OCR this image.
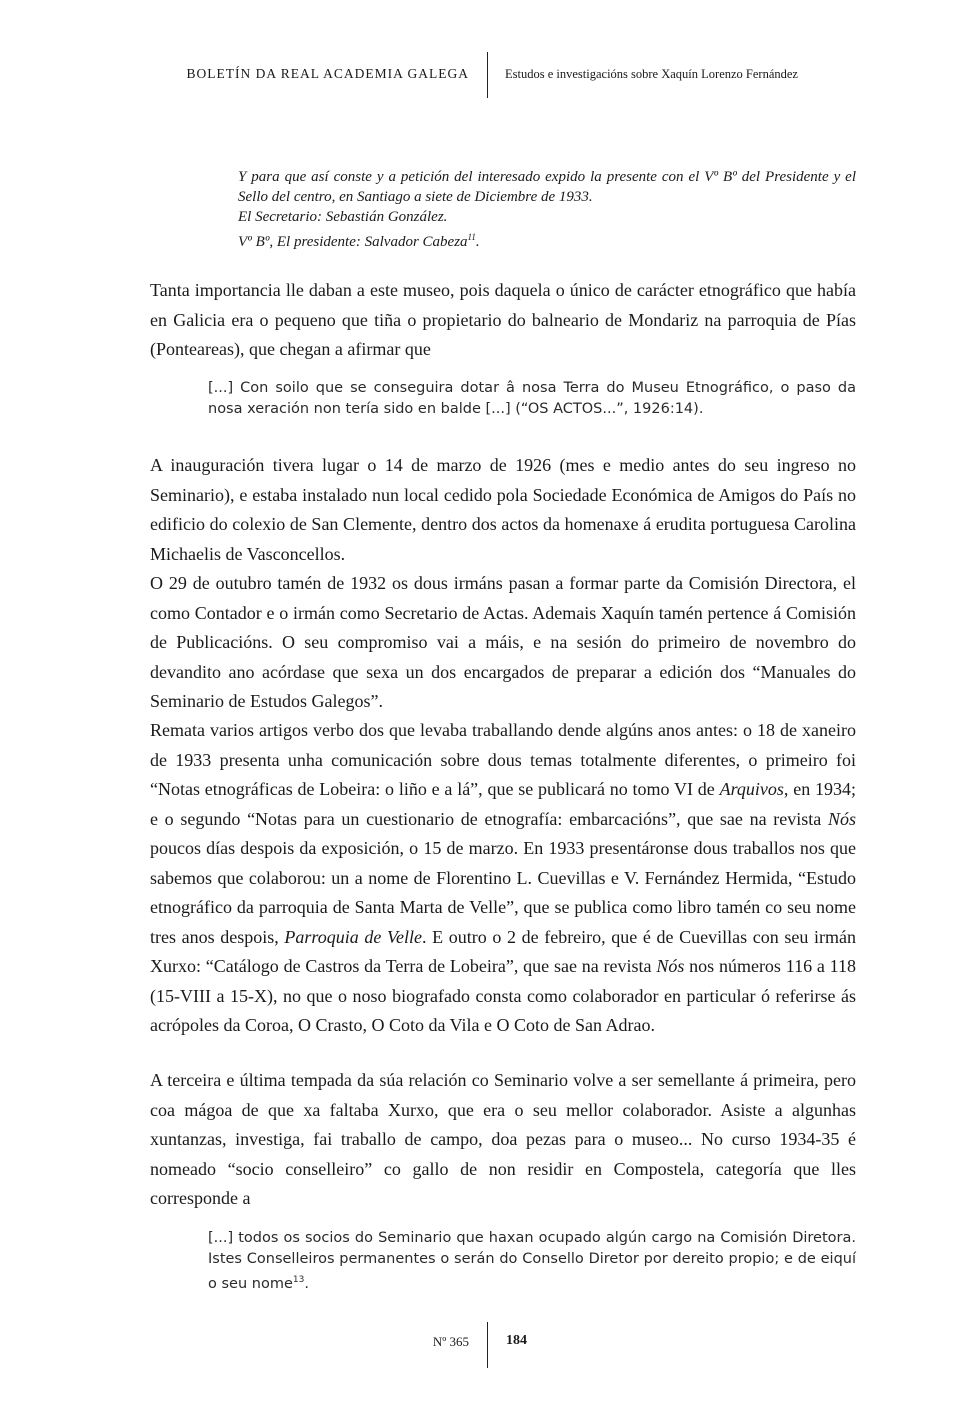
BOLETÍN DA REAL ACADEMIA GALEGA	Estudos e investigacións sobre Xaquín Lorenzo Fernández

Y para que así conste y a petición del interesado expido la presente con el Vº Bº del Presidente y el Sello del centro, en Santiago a siete de Diciembre de 1933.

El Secretario: Sebastián González.

Vº Bº, El presidente: Salvador Cabeza$^{11}$.

Tanta importancia lle daban a este museo, pois daquela o único de carácter etnográfico que había en Galicia era o pequeno que tiña o propietario do balneario de Mondariz na parroquia de Pías (Ponteareas), que chegan a afirmar que

[...] Con soilo que se conseguira dotar â nosa Terra do Museu Etnográfico, o paso da nosa xeración non tería sido en balde [...] (“OS ACTOS...”, 1926:14).

A inauguración tivera lugar o 14 de marzo de 1926 (mes e medio antes do seu ingreso no Seminario), e estaba instalado nun local cedido pola Sociedade Económica de Amigos do País no edificio do colexio de San Clemente, dentro dos actos da homenaxe á erudita portuguesa Carolina Michaelis de Vasconcellos.

O 29 de outubro tamén de 1932 os dous irmáns pasan a formar parte da Comisión Directora, el como Contador e o irmán como Secretario de Actas. Ademais Xaquín tamén pertence á Comisión de Publicacións. O seu compromiso vai a máis, e na sesión do primeiro de novembro do devandito ano acórdase que sexa un dos encargados de preparar a edición dos “Manuales do Seminario de Estudos Galegos”.

Remata varios artigos verbo dos que levaba traballando dende algúns anos antes: o 18 de xaneiro de 1933 presenta unha comunicación sobre dous temas totalmente diferentes, o primeiro foi “Notas etnográficas de Lobeira: o liño e a lá”, que se publicará no tomo VI de Arquivos, en 1934; e o segundo “Notas para un cuestionario de etnografía: embarcacións”, que sae na revista Nós poucos días despois da exposición, o 15 de marzo. En 1933 presentáronse dous traballos nos que sabemos que colaborou: un a nome de Florentino L. Cuevillas e V. Fernández Hermida, “Estudo etnográfico da parroquia de Santa Marta de Velle”, que se publica como libro tamén co seu nome tres anos despois, Parroquia de Velle. E outro o 2 de febreiro, que é de Cuevillas con seu irmán Xurxo: “Catálogo de Castros da Terra de Lobeira”, que sae na revista Nós nos números 116 a 118 (15-VIII a 15-X), no que o noso biografado consta como colaborador en particular ó referirse ás acrópoles da Coroa, O Crasto, O Coto da Vila e O Coto de San Adrao.

A terceira e última tempada da súa relación co Seminario volve a ser semellante á primeira, pero coa mágoa de que xa faltaba Xurxo, que era o seu mellor colaborador. Asiste a algunhas xuntanzas, investiga, fai traballo de campo, doa pezas para o museo... No curso 1934-35 é nomeado “socio conselleiro” co gallo de non residir en Compostela, categoría que lles corresponde a

[...] todos os socios do Seminario que haxan ocupado algún cargo na Comisión Diretora. Istes Conselleiros permanentes o serán do Consello Diretor por dereito propio; e de eiquí o seu nome$^{13}$.

Nº 365	184
